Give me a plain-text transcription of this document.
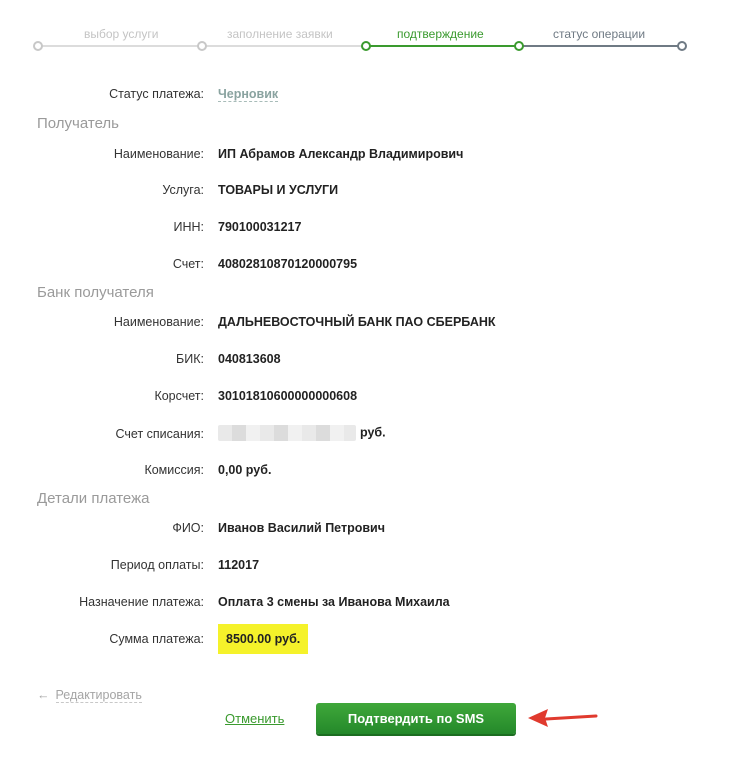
выбор услуги	заполнение заявки	подтверждение	статус операции
Статус платежа: Черновик
Получатель
Наименование: ИП Абрамов Александр Владимирович
Услуга: ТОВАРЫ И УСЛУГИ
ИНН: 790100031217
Счет: 40802810870120000795
Банк получателя
Наименование: ДАЛЬНЕВОСТОЧНЫЙ БАНК ПАО СБЕРБАНК
БИК: 040813608
Корсчет: 30101810600000000608
Счет списания:	руб.
Комиссия: 0,00 руб.
Детали платежа
ФИО: Иванов Василий Петрович
Период оплаты: 112017
Назначение платежа: Оплата 3 смены за Иванова Михаила
Сумма платежа:	8500.00 руб.
← Редактировать
Отменить	Подтвердить по SMS
